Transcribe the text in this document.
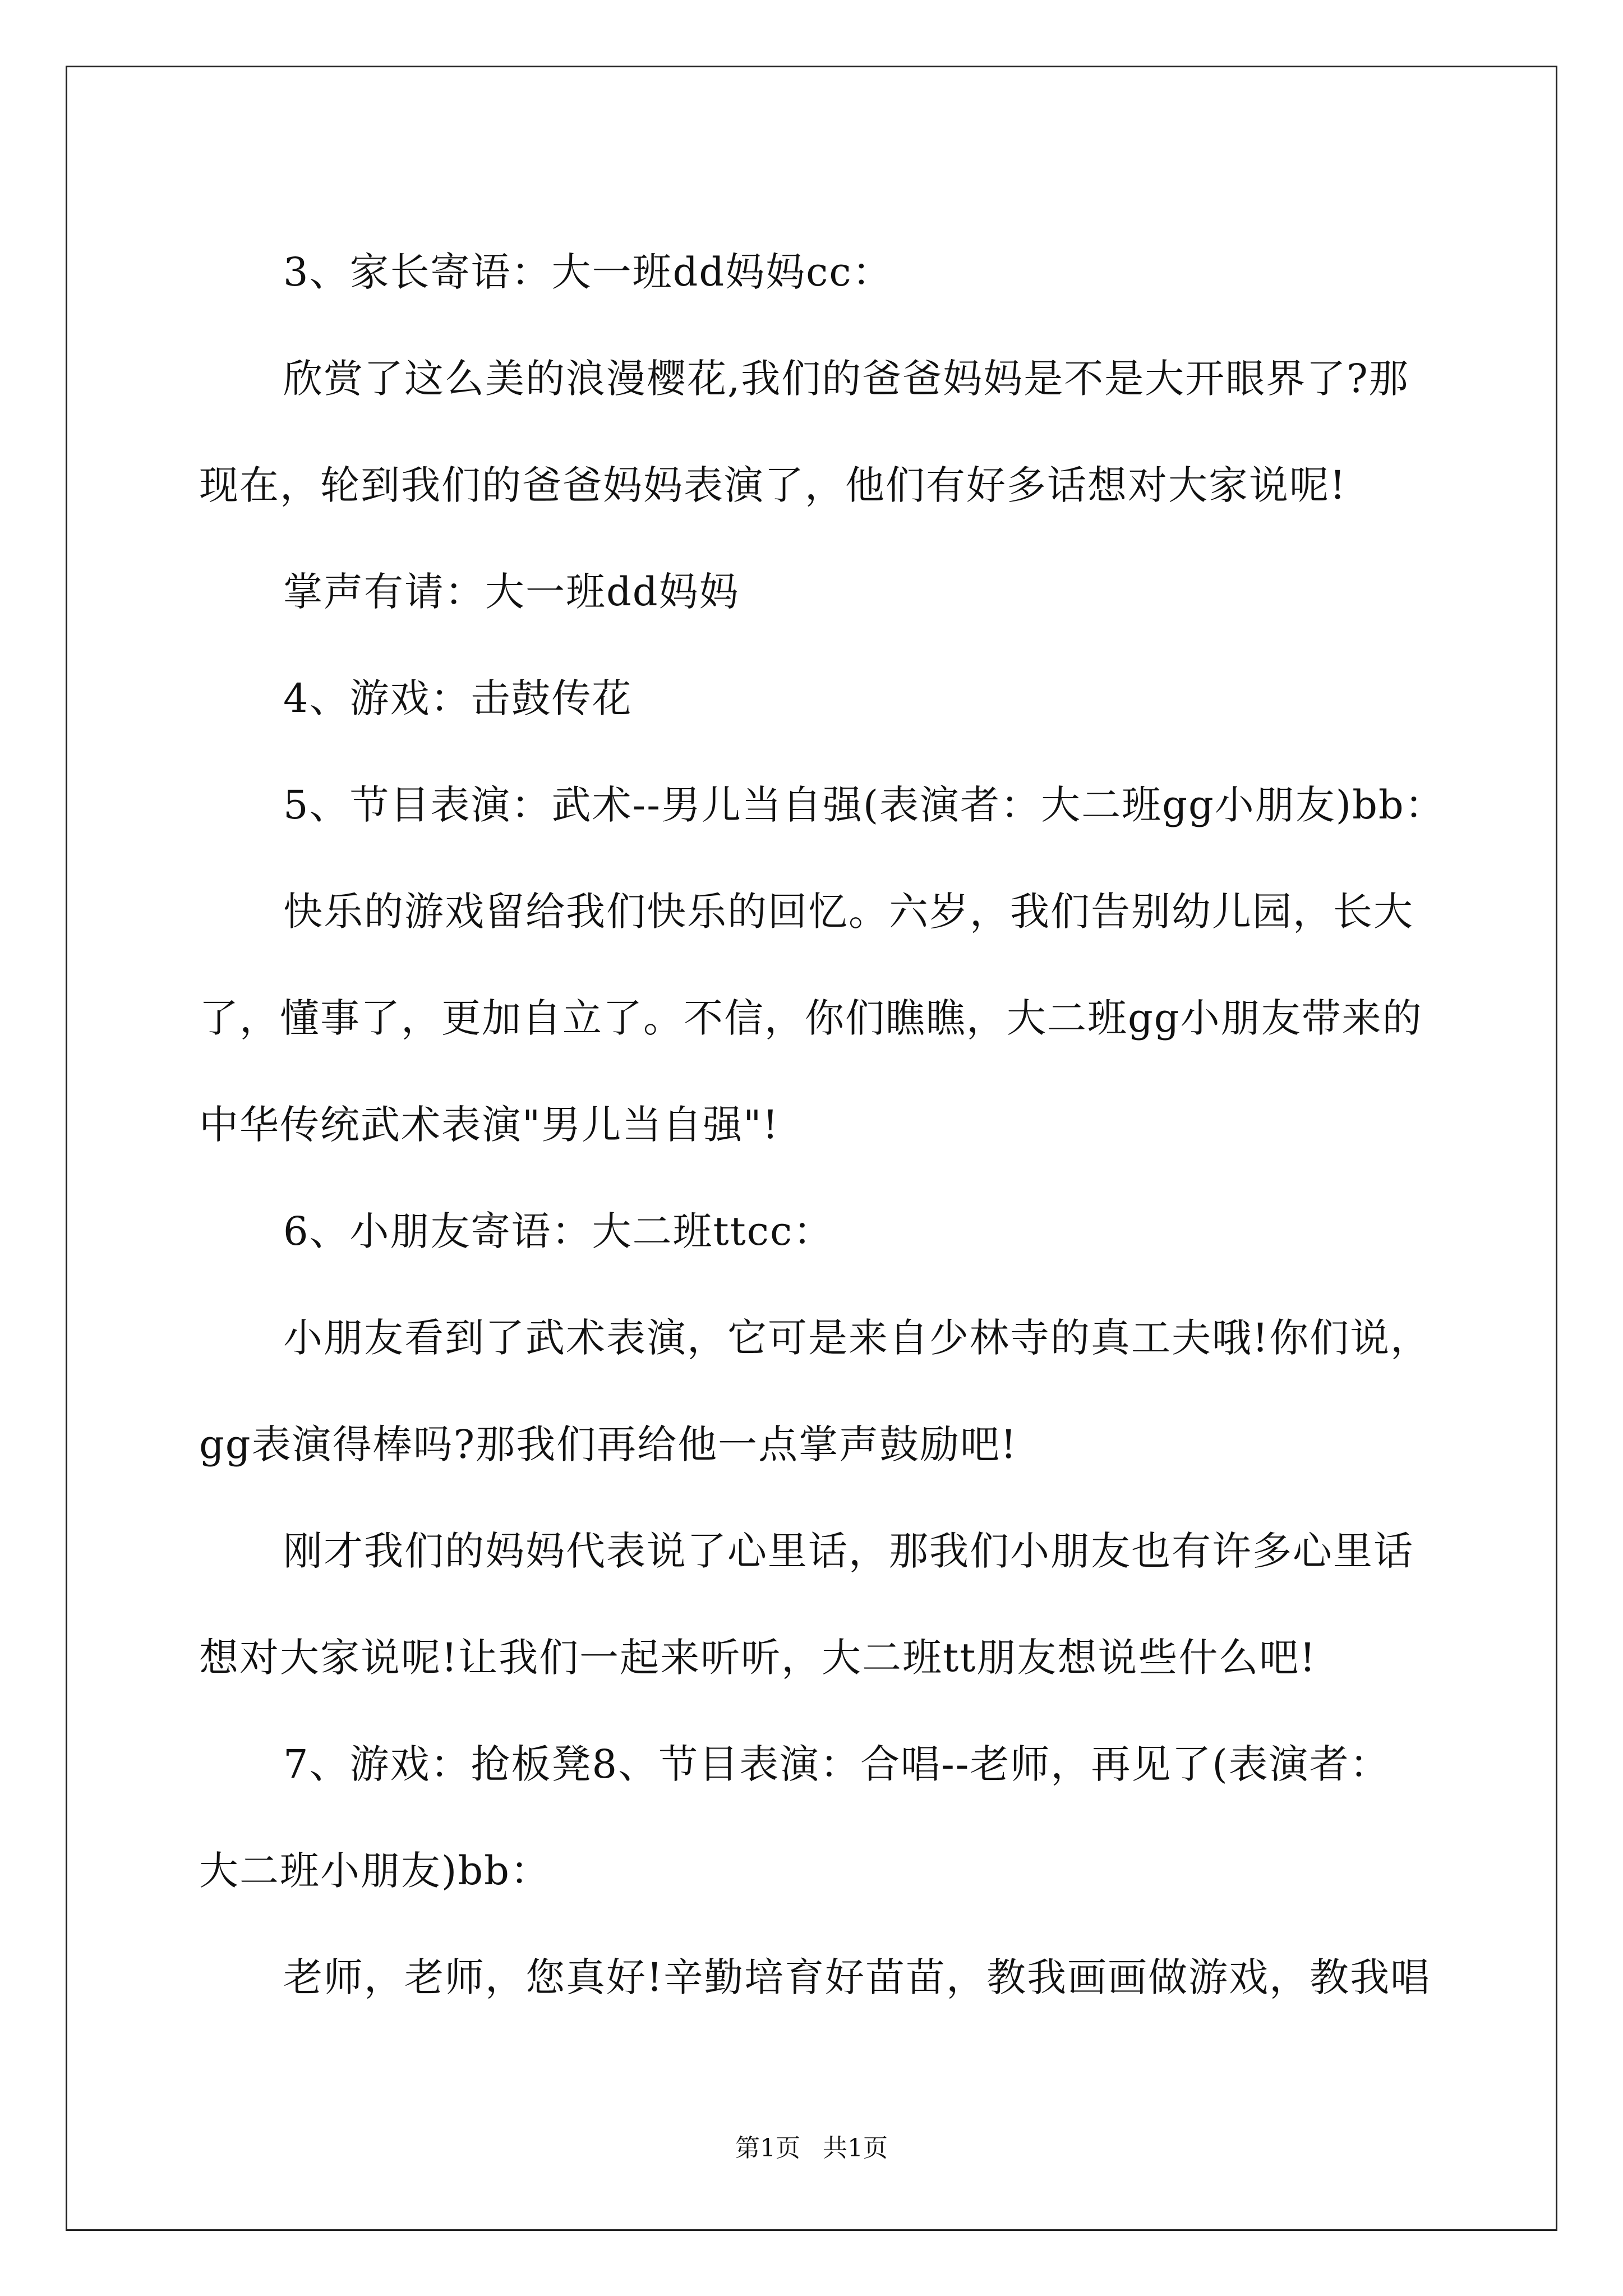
3、家长寄语：大一班dd妈妈cc：

欣赏了这么美的浪漫樱花,我们的爸爸妈妈是不是大开眼界了?那
现在，轮到我们的爸爸妈妈表演了，他们有好多话想对大家说呢!

掌声有请：大一班dd妈妈

4、游戏：击鼓传花

5、节目表演：武术--男儿当自强(表演者：大二班gg小朋友)bb：

快乐的游戏留给我们快乐的回忆。六岁，我们告别幼儿园，长大
了，懂事了，更加自立了。不信，你们瞧瞧，大二班gg小朋友带来的
中华传统武术表演"男儿当自强"!

6、小朋友寄语：大二班ttcc：

小朋友看到了武术表演，它可是来自少林寺的真工夫哦!你们说，
gg表演得棒吗?那我们再给他一点掌声鼓励吧!

刚才我们的妈妈代表说了心里话，那我们小朋友也有许多心里话
想对大家说呢!让我们一起来听听，大二班tt朋友想说些什么吧!

7、游戏：抢板凳8、节目表演：合唱--老师，再见了(表演者：
大二班小朋友)bb：

老师，老师，您真好!辛勤培育好苗苗，教我画画做游戏，教我唱

第1页 共1页
